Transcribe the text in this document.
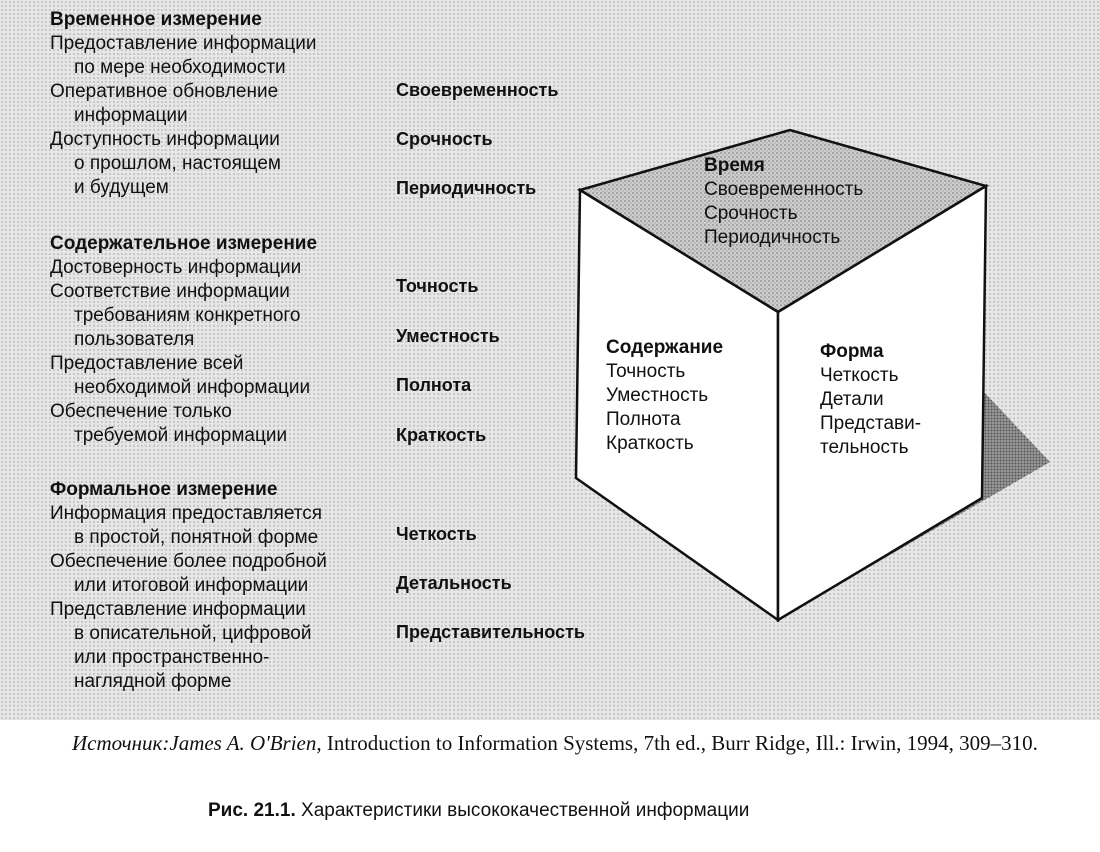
Временное измерение
Предоставление информации
по мере необходимости
Оперативное обновление
информации
Доступность информации
о прошлом, настоящем
и будущем
Содержательное измерение
Достоверность информации
Соответствие информации
требованиям конкретного
пользователя
Предоставление всей
необходимой информации
Обеспечение только
требуемой информации
Формальное измерение
Информация предоставляется
в простой, понятной форме
Обеспечение более подробной
или итоговой информации
Представление информации
в описательной, цифровой
или пространственно-
наглядной форме
Своевременность
Срочность
Периодичность
Точность
Уместность
Полнота
Краткость
Четкость
Детальность
Представительность
Время
Своевременность
Срочность
Периодичность
Содержание
Точность
Уместность
Полнота
Краткость
Форма
Четкость
Детали
Представи-
тельность
Источник:James A. O'Brien, Introduction to Information Systems, 7th ed., Burr Ridge, Ill.: Irwin, 1994, 309–310.
Рис. 21.1. Характеристики высококачественной информации
